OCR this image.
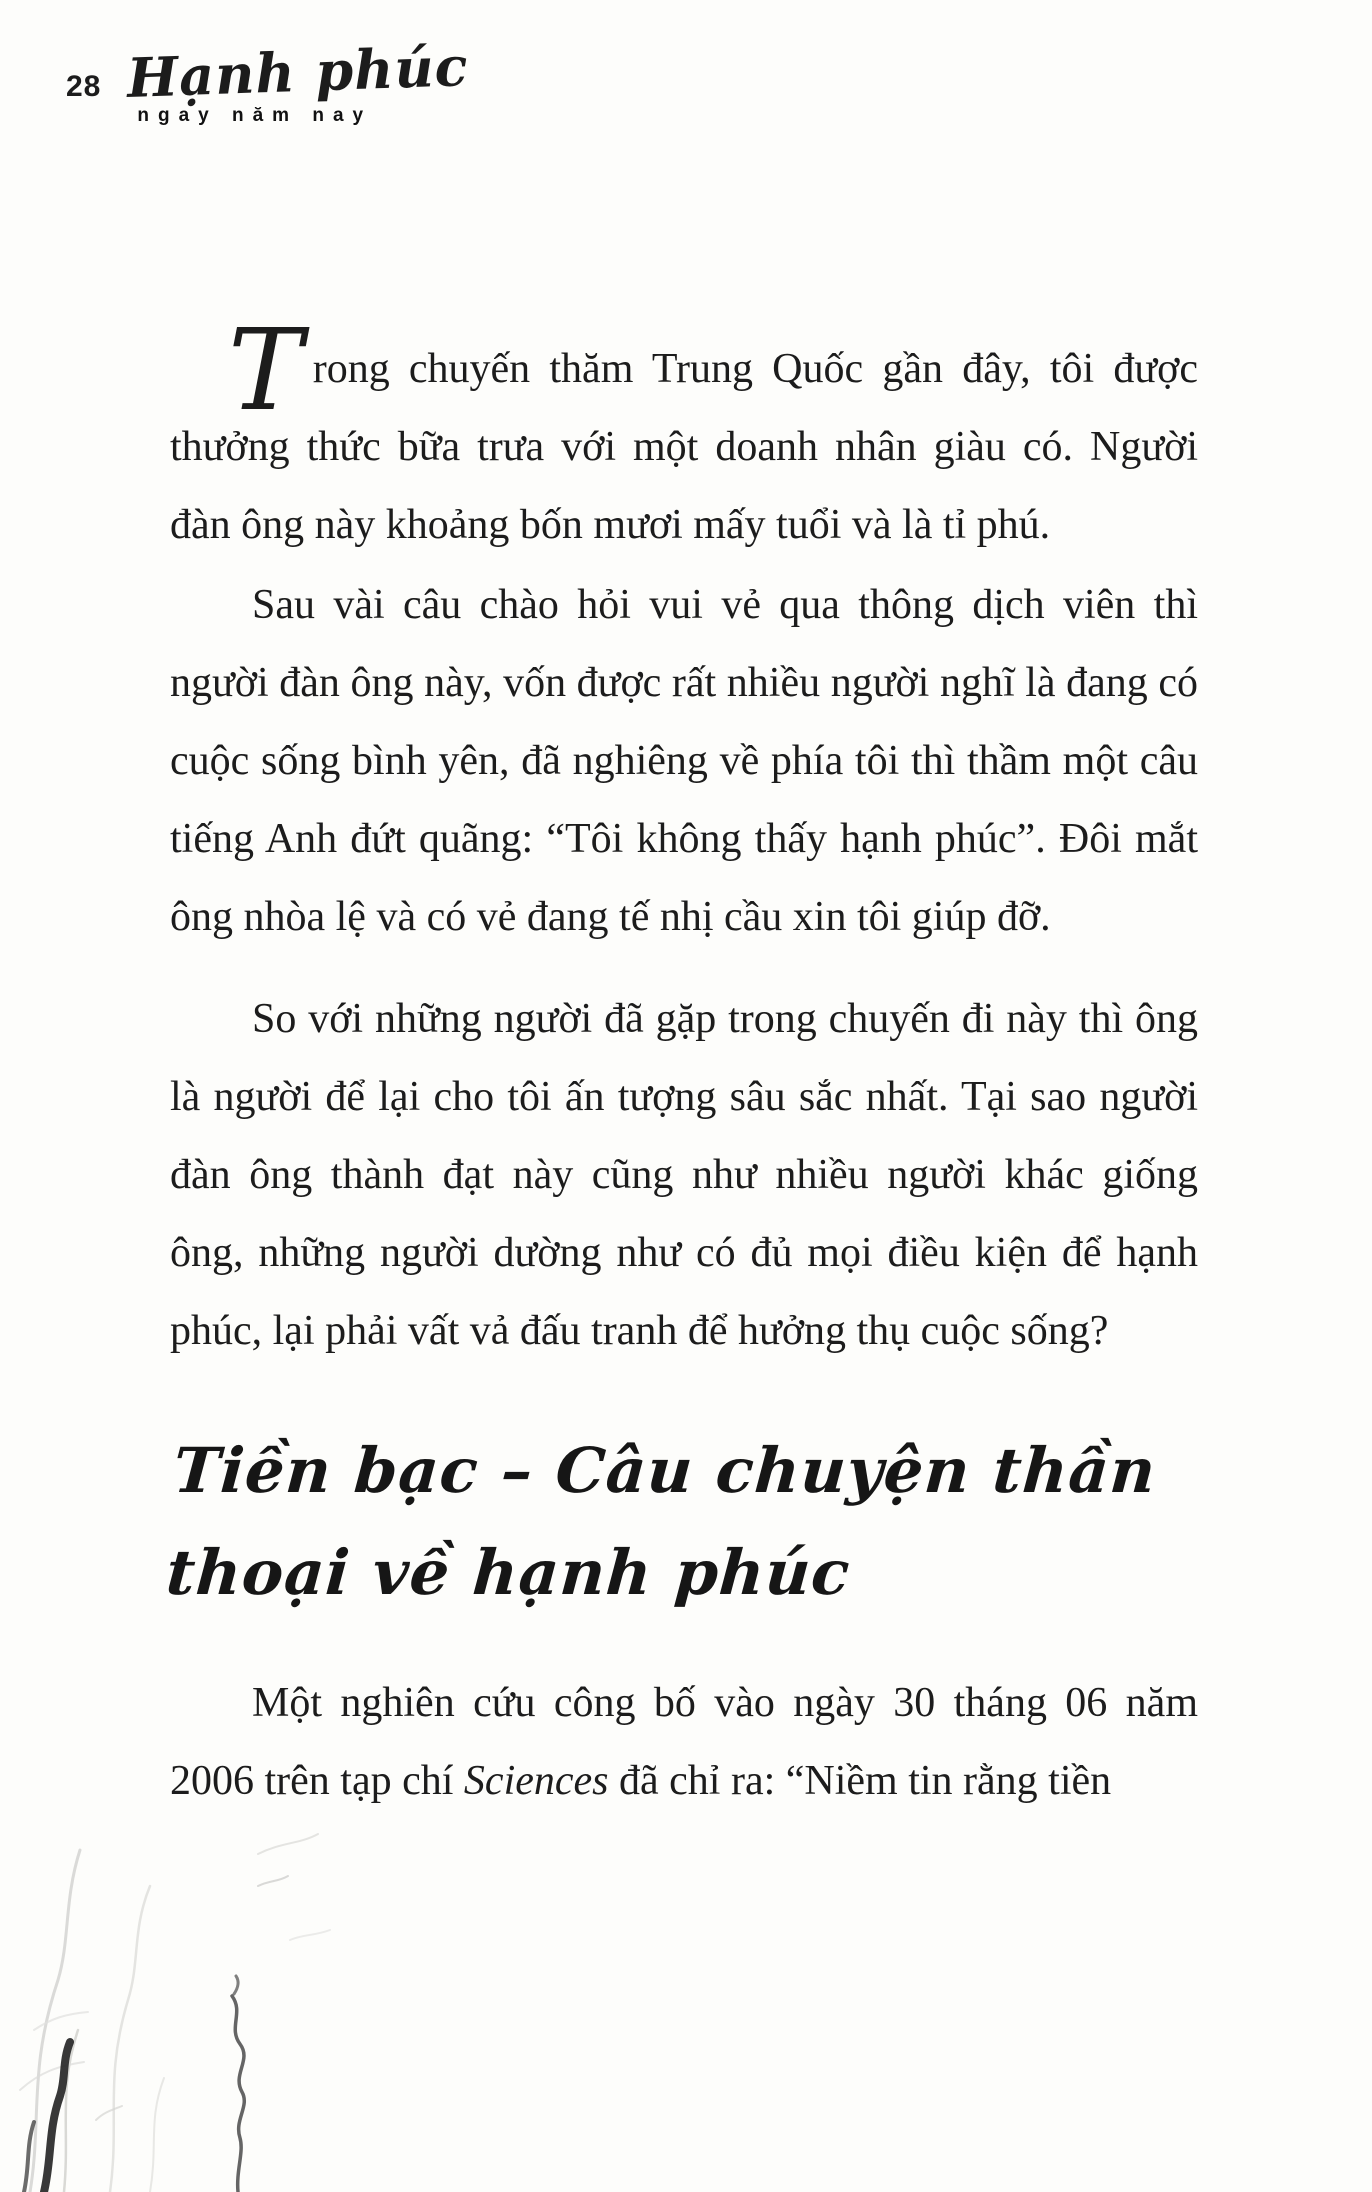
28 Hạnh phúc
ngay năm nay

Trong chuyến thăm Trung Quốc gần đây, tôi được thưởng thức bữa trưa với một doanh nhân giàu có. Người đàn ông này khoảng bốn mươi mấy tuổi và là tỉ phú.

Sau vài câu chào hỏi vui vẻ qua thông dịch viên thì người đàn ông này, vốn được rất nhiều người nghĩ là đang có cuộc sống bình yên, đã nghiêng về phía tôi thì thầm một câu tiếng Anh đứt quãng: “Tôi không thấy hạnh phúc”. Đôi mắt ông nhòa lệ và có vẻ đang tế nhị cầu xin tôi giúp đỡ.

So với những người đã gặp trong chuyến đi này thì ông là người để lại cho tôi ấn tượng sâu sắc nhất. Tại sao người đàn ông thành đạt này cũng như nhiều người khác giống ông, những người dường như có đủ mọi điều kiện để hạnh phúc, lại phải vất vả đấu tranh để hưởng thụ cuộc sống?

Tiền bạc – Câu chuyện thần
thoại về hạnh phúc

Một nghiên cứu công bố vào ngày 30 tháng 06 năm 2006 trên tạp chí Sciences đã chỉ ra: “Niềm tin rằng tiền
